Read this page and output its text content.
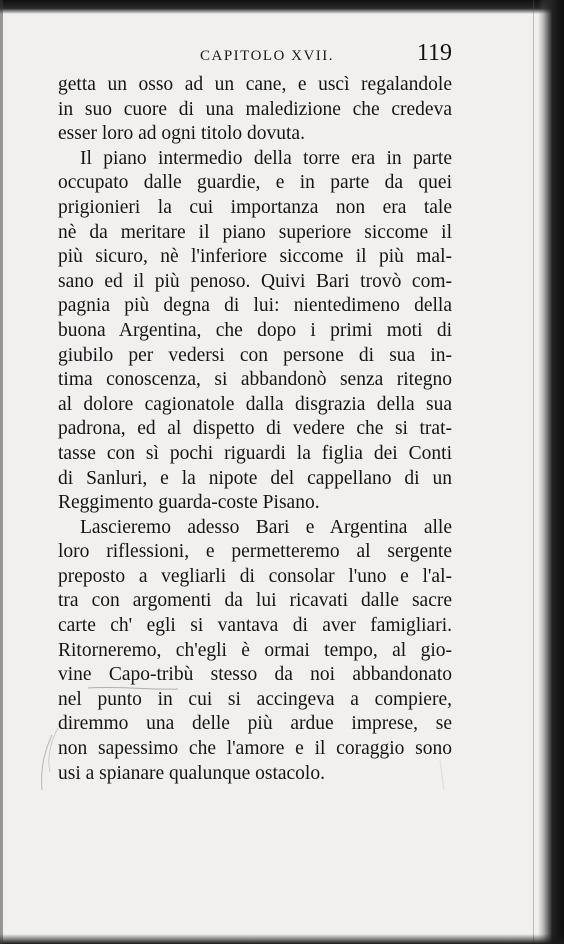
CAPITOLO XVII.	119
getta un osso ad un cane, e uscì regalandole
in suo cuore di una maledizione che credeva
esser loro ad ogni titolo dovuta.
Il piano intermedio della torre era in parte
occupato dalle guardie, e in parte da quei
prigionieri la cui importanza non era tale
nè da meritare il piano superiore siccome il
più sicuro, nè l'inferiore siccome il più mal-
sano ed il più penoso. Quivi Bari trovò com-
pagnia più degna di lui: nientedimeno della
buona Argentina, che dopo i primi moti di
giubilo per vedersi con persone di sua in-
tima conoscenza, si abbandonò senza ritegno
al dolore cagionatole dalla disgrazia della sua
padrona, ed al dispetto di vedere che si trat-
tasse con sì pochi riguardi la figlia dei Conti
di Sanluri, e la nipote del cappellano di un
Reggimento guarda-coste Pisano.
Lascieremo adesso Bari e Argentina alle
loro riflessioni, e permetteremo al sergente
preposto a vegliarli di consolar l'uno e l'al-
tra con argomenti da lui ricavati dalle sacre
carte ch' egli si vantava di aver famigliari.
Ritorneremo, ch'egli è ormai tempo, al gio-
vine Capo-tribù stesso da noi abbandonato
nel punto in cui si accingeva a compiere,
diremmo una delle più ardue imprese, se
non sapessimo che l'amore e il coraggio sono
usi a spianare qualunque ostacolo.
